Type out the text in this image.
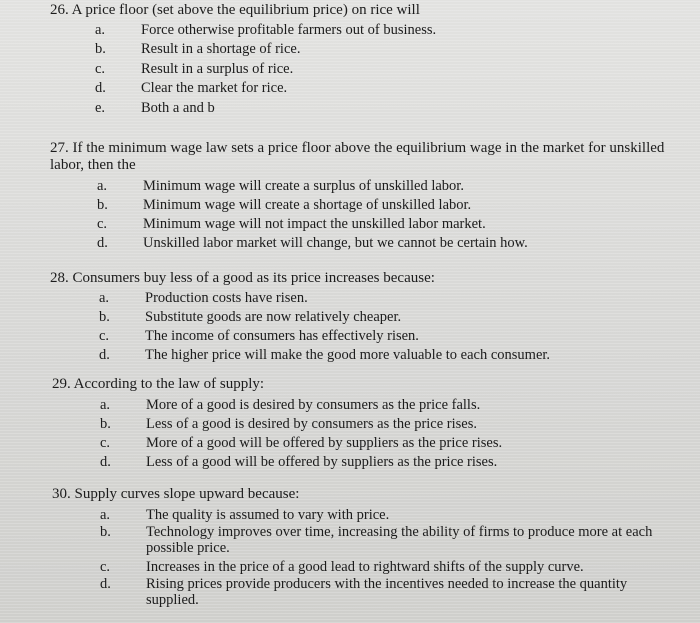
26. A price floor (set above the equilibrium price) on rice will
a.	Force otherwise profitable farmers out of business.
b.	Result in a shortage of rice.
c.	Result in a surplus of rice.
d.	Clear the market for rice.
e.	Both a and b
27. If the minimum wage law sets a price floor above the equilibrium wage in the market for unskilled labor, then the
a.	Minimum wage will create a surplus of unskilled labor.
b.	Minimum wage will create a shortage of unskilled labor.
c.	Minimum wage will not impact the unskilled labor market.
d.	Unskilled labor market will change, but we cannot be certain how.
28. Consumers buy less of a good as its price increases because:
a.	Production costs have risen.
b.	Substitute goods are now relatively cheaper.
c.	The income of consumers has effectively risen.
d.	The higher price will make the good more valuable to each consumer.
29. According to the law of supply:
a.	More of a good is desired by consumers as the price falls.
b.	Less of a good is desired by consumers as the price rises.
c.	More of a good will be offered by suppliers as the price rises.
d.	Less of a good will be offered by suppliers as the price rises.
30. Supply curves slope upward because:
a.	The quality is assumed to vary with price.
b.	Technology improves over time, increasing the ability of firms to produce more at each possible price.
c.	Increases in the price of a good lead to rightward shifts of the supply curve.
d.	Rising prices provide producers with the incentives needed to increase the quantity supplied.
